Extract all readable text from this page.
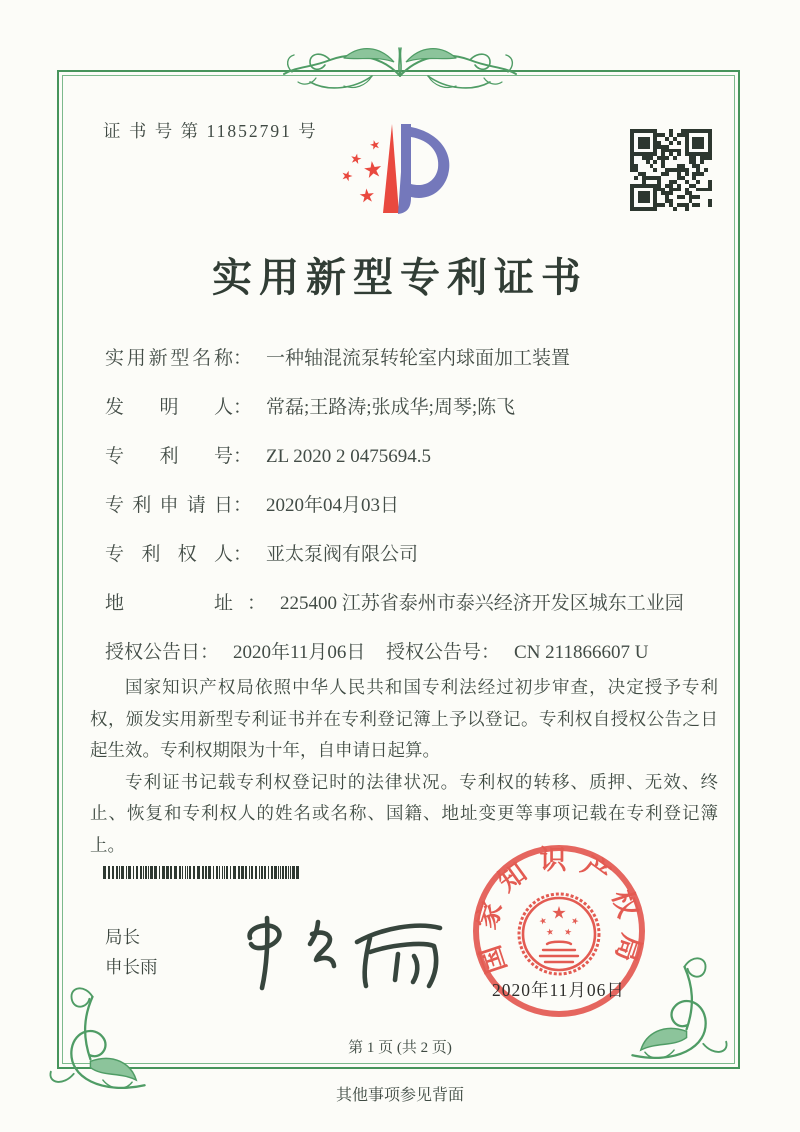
证 书 号 第 11852791 号
实用新型专利证书
实用新型名称： 一种轴混流泵转轮室内球面加工装置
发明人： 常磊;王路涛;张成华;周琴;陈飞
专利号： ZL 2020 2 0475694.5
专利申请日： 2020年04月03日
专利权人： 亚太泵阀有限公司
地址 ： 225400 江苏省泰州市泰兴经济开发区城东工业园
授权公告日： 2020年11月06日	授权公告号： CN 211866607 U

国家知识产权局依照中华人民共和国专利法经过初步审查，决定授予专利权，颁发实用新型专利证书并在专利登记簿上予以登记。专利权自授权公告之日起生效。专利权期限为十年，自申请日起算。

专利证书记载专利权登记时的法律状况。专利权的转移、质押、无效、终止、恢复和专利权人的姓名或名称、国籍、地址变更等事项记载在专利登记簿上。

局长
申长雨	国家知识产权局
2020年11月06日
第 1 页 (共 2 页)
其他事项参见背面
